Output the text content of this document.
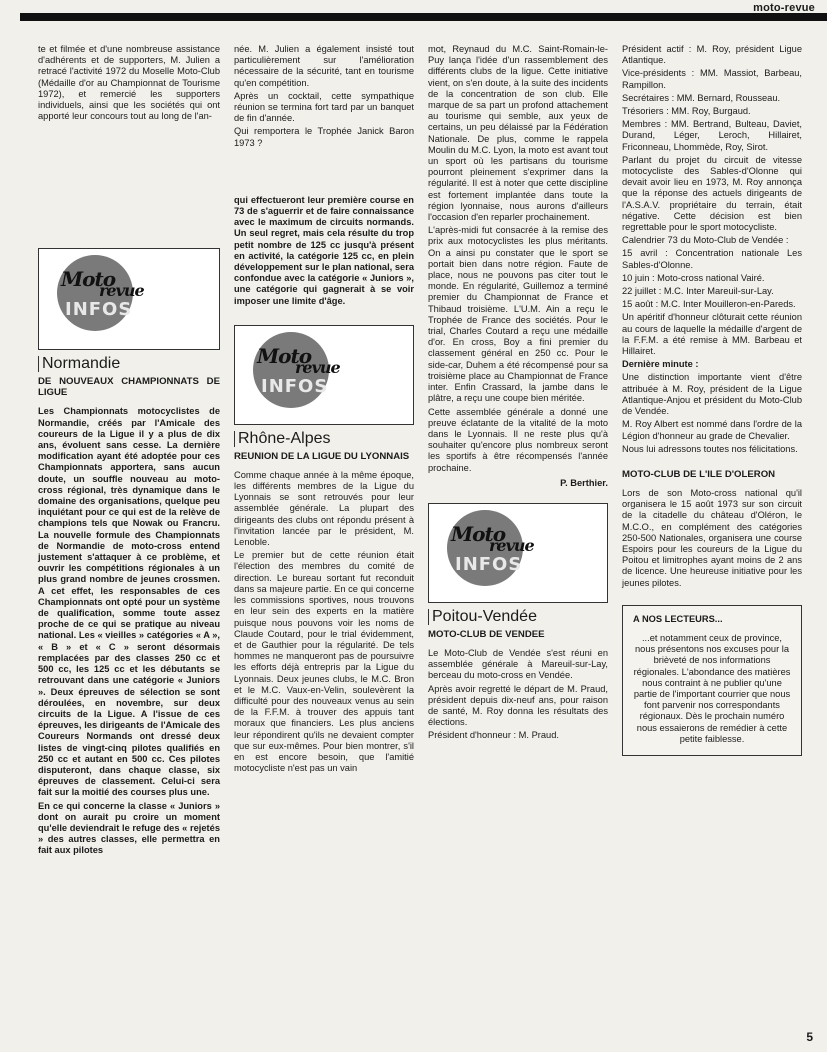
moto-revue

te et filmée et d'une nombreuse assistance d'adhérents et de supporters, M. Julien a retracé l'activité 1972 du Moselle Moto-Club (Médaille d'or au Championnat de Tourisme 1972), et remercié les supporters individuels, ainsi que les sociétés qui ont apporté leur concours tout au long de l'an-

Moto
revue
INFOS
Normandie
DE NOUVEAUX CHAMPIONNATS DE LIGUE

Les Championnats motocyclistes de Normandie, créés par l'Amicale des coureurs de la Ligue il y a plus de dix ans, évoluent sans cesse. La dernière modification ayant été adoptée pour ces Championnats apportera, sans aucun doute, un souffle nouveau au moto-cross régional, très dynamique dans le domaine des organisations, quelque peu inquiétant pour ce qui est de la relève de champions tels que Nowak ou Francru. La nouvelle formule des Championnats de Normandie de moto-cross entend justement s'attaquer à ce problème, et ouvrir les compétitions régionales à un plus grand nombre de jeunes crossmen. A cet effet, les responsables de ces Championnats ont opté pour un système de qualification, somme toute assez proche de ce qui se pratique au niveau national. Les « vieilles » catégories « A », « B » et « C » seront désormais remplacées par des classes 250 cc et 500 cc, les 125 cc et les débutants se retrouvant dans une catégorie « Juniors ». Deux épreuves de sélection se sont déroulées, en novembre, sur deux circuits de la Ligue. A l'issue de ces épreuves, les dirigeants de l'Amicale des Coureurs Normands ont dressé deux listes de vingt-cinq pilotes qualifiés en 250 cc et autant en 500 cc. Ces pilotes disputeront, dans chaque classe, six épreuves de classement. Celui-ci sera fait sur la moitié des courses plus une.

En ce qui concerne la classe « Juniors » dont on aurait pu croire un moment qu'elle deviendrait le refuge des « rejetés » des autres classes, elle permettra en fait aux pilotes

née. M. Julien a également insisté tout particulièrement sur l'amélioration nécessaire de la sécurité, tant en tourisme qu'en compétition.

Après un cocktail, cette sympathique réunion se termina fort tard par un banquet de fin d'année.

Qui remportera le Trophée Janick Baron 1973 ?

qui effectueront leur première course en 73 de s'aguerrir et de faire connaissance avec le maximum de circuits normands. Un seul regret, mais cela résulte du trop petit nombre de 125 cc jusqu'à présent en activité, la catégorie 125 cc, en plein développement sur le plan national, sera confondue avec la catégorie « Juniors », une catégorie qui gagnerait à se voir imposer une limite d'âge.

Moto
revue
INFOS
Rhône-Alpes
REUNION DE LA LIGUE DU LYONNAIS

Comme chaque année à la même époque, les différents membres de la Ligue du Lyonnais se sont retrouvés pour leur assemblée générale. La plupart des dirigeants des clubs ont répondu présent à l'invitation lancée par le président, M. Lenoble.

Le premier but de cette réunion était l'élection des membres du comité de direction. Le bureau sortant fut reconduit dans sa majeure partie. En ce qui concerne les commissions sportives, nous trouvons en leur sein des experts en la matière puisque nous pouvons voir les noms de Claude Coutard, pour le trial évidemment, et de Gauthier pour la régularité. De tels hommes ne manqueront pas de poursuivre les efforts déjà entrepris par la Ligue du Lyonnais. Deux jeunes clubs, le M.C. Bron et le M.C. Vaux-en-Velin, soulevèrent la difficulté pour des nouveaux venus au sein de la F.F.M. à trouver des appuis tant moraux que financiers. Les plus anciens leur répondirent qu'ils ne devaient compter que sur eux-mêmes. Pour bien montrer, s'il en est encore besoin, que l'amitié motocycliste n'est pas un vain

mot, Reynaud du M.C. Saint-Romain-le-Puy lança l'idée d'un rassemblement des différents clubs de la ligue. Cette initiative vient, on s'en doute, à la suite des incidents de la concentration de son club. Elle marque de sa part un profond attachement au tourisme qui semble, aux yeux de certains, un peu délaissé par la Fédération Nationale. De plus, comme le rappela Moulin du M.C. Lyon, la moto est avant tout un sport où les partisans du tourisme pourront pleinement s'exprimer dans la régularité. Il est à noter que cette discipline est fortement implantée dans toute la région lyonnaise, nous aurons d'ailleurs l'occasion d'en reparler prochainement.

L'après-midi fut consacrée à la remise des prix aux motocyclistes les plus méritants. On a ainsi pu constater que le sport se portait bien dans notre région. Faute de place, nous ne pouvons pas citer tout le monde. En régularité, Guillemoz a terminé premier du Championnat de France et Thibaud troisième. L'U.M. Ain a reçu le Trophée de France des sociétés. Pour le trial, Charles Coutard a reçu une médaille d'or. En cross, Boy a fini premier du classement général en 250 cc. Pour le side-car, Duhem a été récompensé pour sa troisième place au Championnat de France inter. Enfin Crassard, la jambe dans le plâtre, a reçu une coupe bien méritée.

Cette assemblée générale a donné une preuve éclatante de la vitalité de la moto dans le Lyonnais. Il ne reste plus qu'à souhaiter qu'encore plus nombreux seront les sportifs à être récompensés l'année prochaine.

P. Berthier.
Moto
revue
INFOS
Poitou-Vendée
MOTO-CLUB DE VENDEE

Le Moto-Club de Vendée s'est réuni en assemblée générale à Mareuil-sur-Lay, berceau du moto-cross en Vendée.

Après avoir regretté le départ de M. Praud, président depuis dix-neuf ans, pour raison de santé, M. Roy donna les résultats des élections.

Président d'honneur : M. Praud.

Président actif : M. Roy, président Ligue Atlantique.

Vice-présidents : MM. Massiot, Barbeau, Rampillon.

Secrétaires : MM. Bernard, Rousseau.

Trésoriers : MM. Roy, Burgaud.

Membres : MM. Bertrand, Bulteau, Daviet, Durand, Léger, Leroch, Hillairet, Friconneau, Lhommède, Roy, Sirot.

Parlant du projet du circuit de vitesse motocycliste des Sables-d'Olonne qui devait avoir lieu en 1973, M. Roy annonça que la réponse des actuels dirigeants de l'A.S.A.V. propriétaire du terrain, était négative. Cette décision est bien regrettable pour le sport motocycliste.

Calendrier 73 du Moto-Club de Vendée :

15 avril : Concentration nationale Les Sables-d'Olonne.

10 juin : Moto-cross national Vairé.

22 juillet : M.C. Inter Mareuil-sur-Lay.

15 août : M.C. Inter Mouilleron-en-Pareds.

Un apéritif d'honneur clôturait cette réunion au cours de laquelle la médaille d'argent de la F.F.M. a été remise à MM. Barbeau et Hillairet.

Dernière minute :

Une distinction importante vient d'être attribuée à M. Roy, président de la Ligue Atlantique-Anjou et président du Moto-Club de Vendée.

M. Roy Albert est nommé dans l'ordre de la Légion d'honneur au grade de Chevalier.

Nous lui adressons toutes nos félicitations.

MOTO-CLUB DE L'ILE D'OLERON

Lors de son Moto-cross national qu'il organisera le 15 août 1973 sur son circuit de la citadelle du château d'Oléron, le M.C.O., en complément des catégories 250-500 Nationales, organisera une course Espoirs pour les coureurs de la Ligue du Poitou et limitrophes ayant moins de 2 ans de licence. Une heureuse initiative pour les jeunes pilotes.

A NOS LECTEURS...

...et notamment ceux de province, nous présentons nos excuses pour la brièveté de nos informations régionales. L'abondance des matières nous contraint à ne publier qu'une partie de l'important courrier que nous font parvenir nos correspondants régionaux. Dès le prochain numéro nous essaierons de remédier à cette petite faiblesse.

5
